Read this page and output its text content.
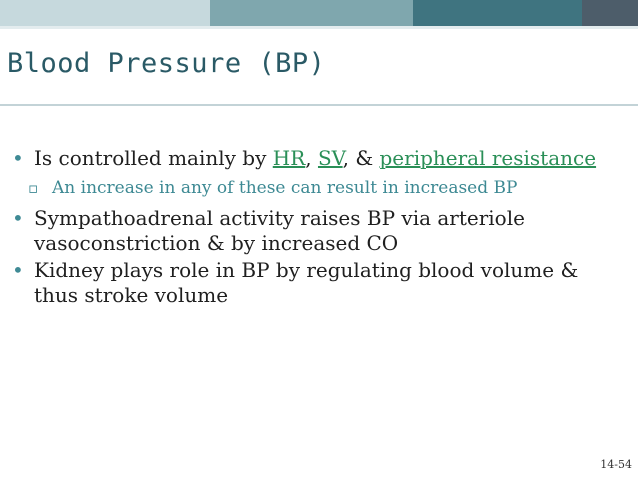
Blood Pressure (BP)
• Is controlled mainly by HR, SV, & peripheral resistance
▫ An increase in any of these can result in increased BP
• Sympathoadrenal activity raises BP via arteriole vasoconstriction & by increased CO
• Kidney plays role in BP by regulating blood volume & thus stroke volume
14-54
